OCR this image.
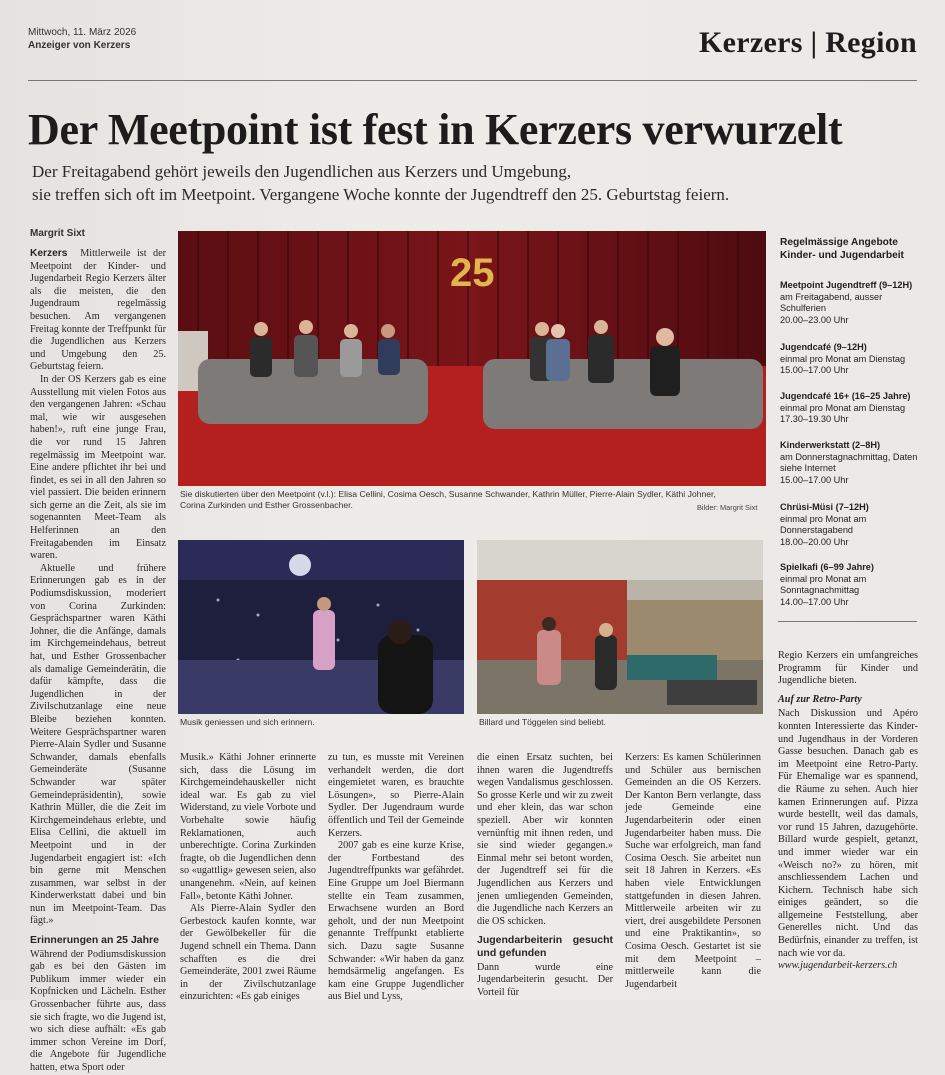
Mittwoch, 11. März 2026
Anzeiger von Kerzers	Kerzers | Region
Der Meetpoint ist fest in Kerzers verwurzelt
Der Freitagabend gehört jeweils den Jugendlichen aus Kerzers und Umgebung,
sie treffen sich oft im Meetpoint. Vergangene Woche konnte der Jugendtreff den 25. Geburtstag feiern.
Margrit Sixt

Kerzers Mittlerweile ist der Meetpoint der Kinder- und Jugendarbeit Regio Kerzers älter als die meisten, die den Jugendraum regelmässig besuchen. Am vergangenen Freitag konnte der Treffpunkt für die Jugendlichen aus Kerzers und Umgebung den 25. Geburtstag feiern.

In der OS Kerzers gab es eine Ausstellung mit vielen Fotos aus den vergangenen Jahren: «Schau mal, wie wir ausgesehen haben!», ruft eine junge Frau, die vor rund 15 Jahren regelmässig im Meetpoint war. Eine andere pflichtet ihr bei und findet, es sei in all den Jahren so viel passiert. Die beiden erinnern sich gerne an die Zeit, als sie im sogenannten Meet-Team als Helferinnen an den Freitagabenden im Einsatz waren.

Aktuelle und frühere Erinnerungen gab es in der Podiumsdiskussion, moderiert von Corina Zurkinden: Gesprächspartner waren Käthi Johner, die die Anfänge, damals im Kirchgemeindehaus, betreut hat, und Esther Grossenbacher als damalige Gemeinderätin, die dafür kämpfte, dass die Jugendlichen in der Zivilschutzanlage eine neue Bleibe beziehen konnten. Weitere Gesprächspartner waren Pierre-Alain Sydler und Susanne Schwander, damals ebenfalls Gemeinderäte (Susanne Schwander war später Gemeindepräsidentin), sowie Kathrin Müller, die die Zeit im Kirchgemeindehaus erlebte, und Elisa Cellini, die aktuell im Meetpoint und in der Jugendarbeit engagiert ist: «Ich bin gerne mit Menschen zusammen, war selbst in der Kinderwerkstatt dabei und bin nun im Meetpoint-Team. Das fägt.»

Erinnerungen an 25 Jahre

Während der Podiumsdiskussion gab es bei den Gästen im Publikum immer wieder ein Kopfnicken und Lächeln. Esther Grossenbacher führte aus, dass sie sich fragte, wo die Jugend ist, wo sich diese aufhält: «Es gab immer schon Vereine im Dorf, die Angebote für Jugendliche hatten, etwa Sport oder

25
Sie diskutierten über den Meetpoint (v.l.): Elisa Cellini, Cosima Oesch, Susanne Schwander, Kathrin Müller, Pierre-Alain Sydler, Käthi Johner, Corina Zurkinden und Esther Grossenbacher.	Bilder: Margrit Sixt
Musik geniessen und sich erinnern.	Billard und Töggelen sind beliebt.

Musik.» Käthi Johner erinnerte sich, dass die Lösung im Kirchgemeindehauskeller nicht ideal war. Es gab zu viel Widerstand, zu viele Vorbote und Vorbehalte sowie häufig Reklamationen, auch unberechtigte. Corina Zurkinden fragte, ob die Jugendlichen denn so «ugattlig» gewesen seien, also unangenehm. «Nein, auf keinen Fall», betonte Käthi Johner.

Als Pierre-Alain Sydler den Gerbestock kaufen konnte, war der Gewölbekeller für die Jugend schnell ein Thema. Dann schafften es die drei Gemeinderäte, 2001 zwei Räume in der Zivilschutzanlage einzurichten: «Es gab einiges

zu tun, es musste mit Vereinen verhandelt werden, die dort eingemietet waren, es brauchte Lösungen», so Pierre-Alain Sydler. Der Jugendraum wurde öffentlich und Teil der Gemeinde Kerzers.

2007 gab es eine kurze Krise, der Fortbestand des Jugendtreffpunkts war gefährdet. Eine Gruppe um Joel Biermann stellte ein Team zusammen, Erwachsene wurden an Bord geholt, und der nun Meetpoint genannte Treffpunkt etablierte sich. Dazu sagte Susanne Schwander: «Wir haben da ganz hemdsärmelig angefangen. Es kam eine Gruppe Jugendlicher aus Biel und Lyss,

die einen Ersatz suchten, bei ihnen waren die Jugendtreffs wegen Vandalismus geschlossen. So grosse Kerle und wir zu zweit und eher klein, das war schon speziell. Aber wir konnten vernünftig mit ihnen reden, und sie sind wieder gegangen.» Einmal mehr sei betont worden, der Jugendtreff sei für die Jugendlichen aus Kerzers und jenen umliegenden Gemeinden, die Jugendliche nach Kerzers an die OS schicken.

Jugendarbeiterin gesucht und gefunden

Dann wurde eine Jugendarbeiterin gesucht. Der Vorteil für

Kerzers: Es kamen Schülerinnen und Schüler aus bernischen Gemeinden an die OS Kerzers. Der Kanton Bern verlangte, dass jede Gemeinde eine Jugendarbeiterin oder einen Jugendarbeiter haben muss. Die Suche war erfolgreich, man fand Cosima Oesch. Sie arbeitet nun seit 18 Jahren in Kerzers. «Es haben viele Entwicklungen stattgefunden in diesen Jahren. Mittlerweile arbeiten wir zu viert, drei ausgebildete Personen und eine Praktikantin», so Cosima Oesch. Gestartet ist sie mit dem Meetpoint – mittlerweile kann die Jugendarbeit

Regelmässige Angebote Kinder- und Jugendarbeit
Meetpoint Jugendtreff (9–12H)
am Freitagabend, ausser Schulferien
20.00–23.00 Uhr
Jugendcafé (9–12H)
einmal pro Monat am Dienstag
15.00–17.00 Uhr
Jugendcafé 16+ (16–25 Jahre)
einmal pro Monat am Dienstag
17.30–19.30 Uhr
Kinderwerkstatt (2–8H)
am Donnerstagnachmittag, Daten siehe Internet
15.00–17.00 Uhr
Chrüsi-Müsi (7–12H)
einmal pro Monat am Donnerstagabend
18.00–20.00 Uhr
Spielkafi (6–99 Jahre)
einmal pro Monat am Sonntagnachmittag
14.00–17.00 Uhr

Regio Kerzers ein umfangreiches Programm für Kinder und Jugendliche bieten.

Auf zur Retro-Party

Nach Diskussion und Apéro konnten Interessierte das Kinder- und Jugendhaus in der Vorderen Gasse besuchen. Danach gab es im Meetpoint eine Retro-Party. Für Ehemalige war es spannend, die Räume zu sehen. Auch hier kamen Erinnerungen auf. Pizza wurde bestellt, weil das damals, vor rund 15 Jahren, dazugehörte. Billard wurde gespielt, getanzt, und immer wieder war ein «Weisch no?» zu hören, mit anschliessendem Lachen und Kichern. Technisch habe sich einiges geändert, so die allgemeine Feststellung, aber Generelles nicht. Und das Bedürfnis, einander zu treffen, ist nach wie vor da.

www.jugendarbeit-kerzers.ch
